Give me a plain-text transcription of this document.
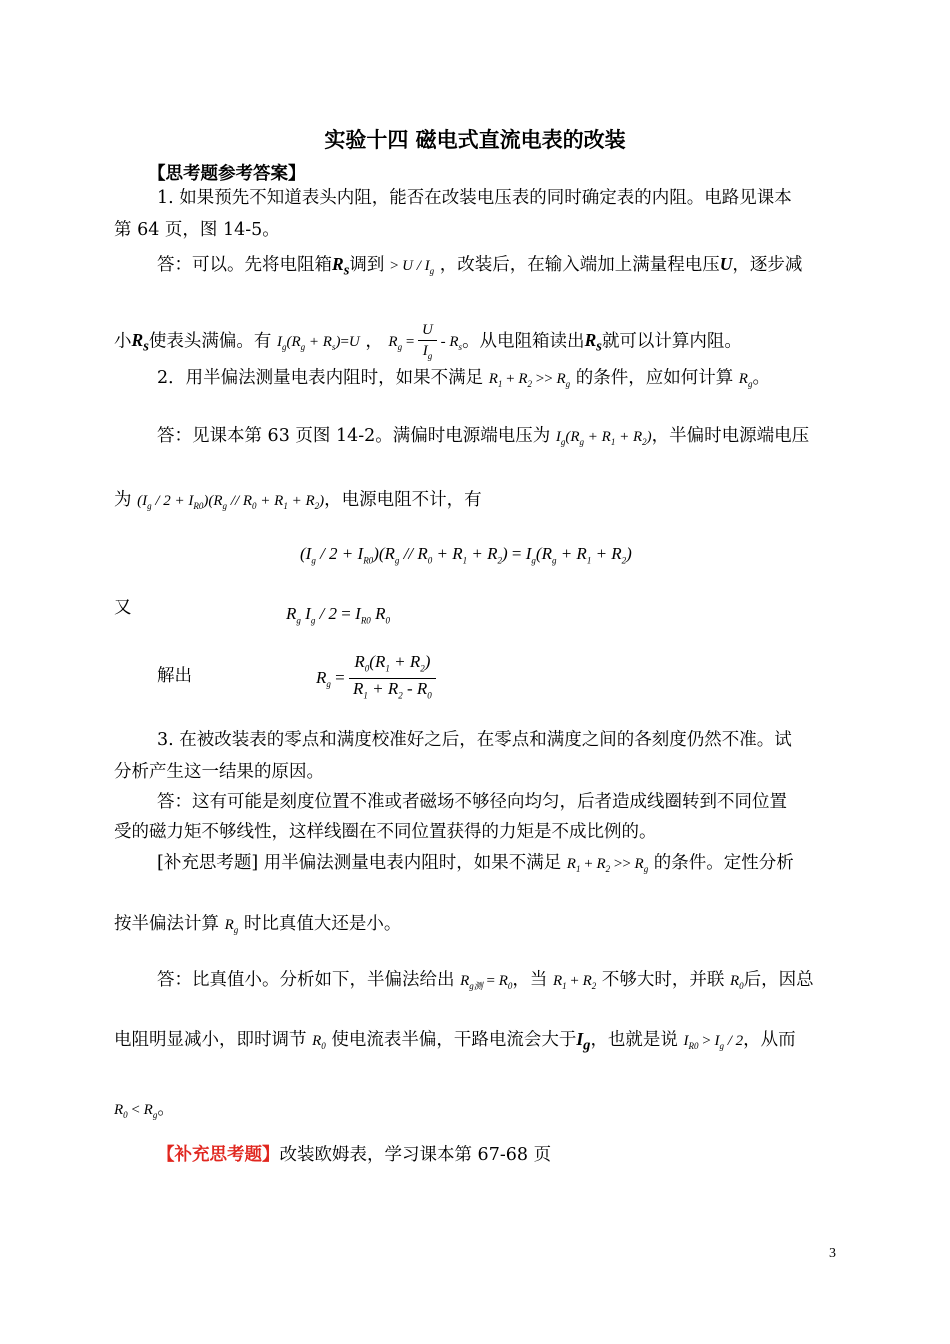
实验十四 磁电式直流电表的改装
【思考题参考答案】
1. 如果预先不知道表头内阻，能否在改装电压表的同时确定表的内阻。电路见课本
第 64 页，图 14-5。
答：可以。先将电阻箱$R_s$调到 > U / $I_g$ ，改装后，在输入端加上满量程电压U，逐步减
小$R_s$使表头满偏。有 $I_g(R_g + R_s)=U$ ， $R_g = \frac{U}{I_g} - R_s$。从电阻箱读出$R_s$就可以计算内阻。
2．用半偏法测量电表内阻时，如果不满足 $R_1 + R_2 >> R_g$ 的条件，应如何计算 $R_g$。
答：见课本第 63 页图 14-2。满偏时电源端电压为 $I_g(R_g + R_1 + R_2)$，半偏时电源端电压
为 $(I_g / 2 + I_{R0})(R_g // R_0 + R_1 + R_2)$，电源电阻不计，有
$(I_g / 2 + I_{R0})(R_g // R_0 + R_1 + R_2) = I_g(R_g + R_1 + R_2)$
又	$R_g$ $I_g / 2 = I_{R0}$ $R_0$
解出	$R_g = \frac{R_0(R_1 + R_2)}{R_1 + R_2 - R_0}$
3. 在被改装表的零点和满度校准好之后，在零点和满度之间的各刻度仍然不准。试
分析产生这一结果的原因。
答：这有可能是刻度位置不准或者磁场不够径向均匀，后者造成线圈转到不同位置
受的磁力矩不够线性，这样线圈在不同位置获得的力矩是不成比例的。
[补充思考题] 用半偏法测量电表内阻时，如果不满足 $R_1 + R_2 >> R_g$ 的条件。定性分析
按半偏法计算 $R_g$ 时比真值大还是小。
答：比真值小。分析如下，半偏法给出 $R_{g测} = R_0$，当 $R_1 + R_2$ 不够大时，并联 $R_0$后，因总
电阻明显减小，即时调节 $R_0$ 使电流表半偏，干路电流会大于$I_g$，也就是说 $I_{R0} > I_g / 2$，从而
$R_0 < R_g$。
【补充思考题】改装欧姆表，学习课本第 67-68 页
3
